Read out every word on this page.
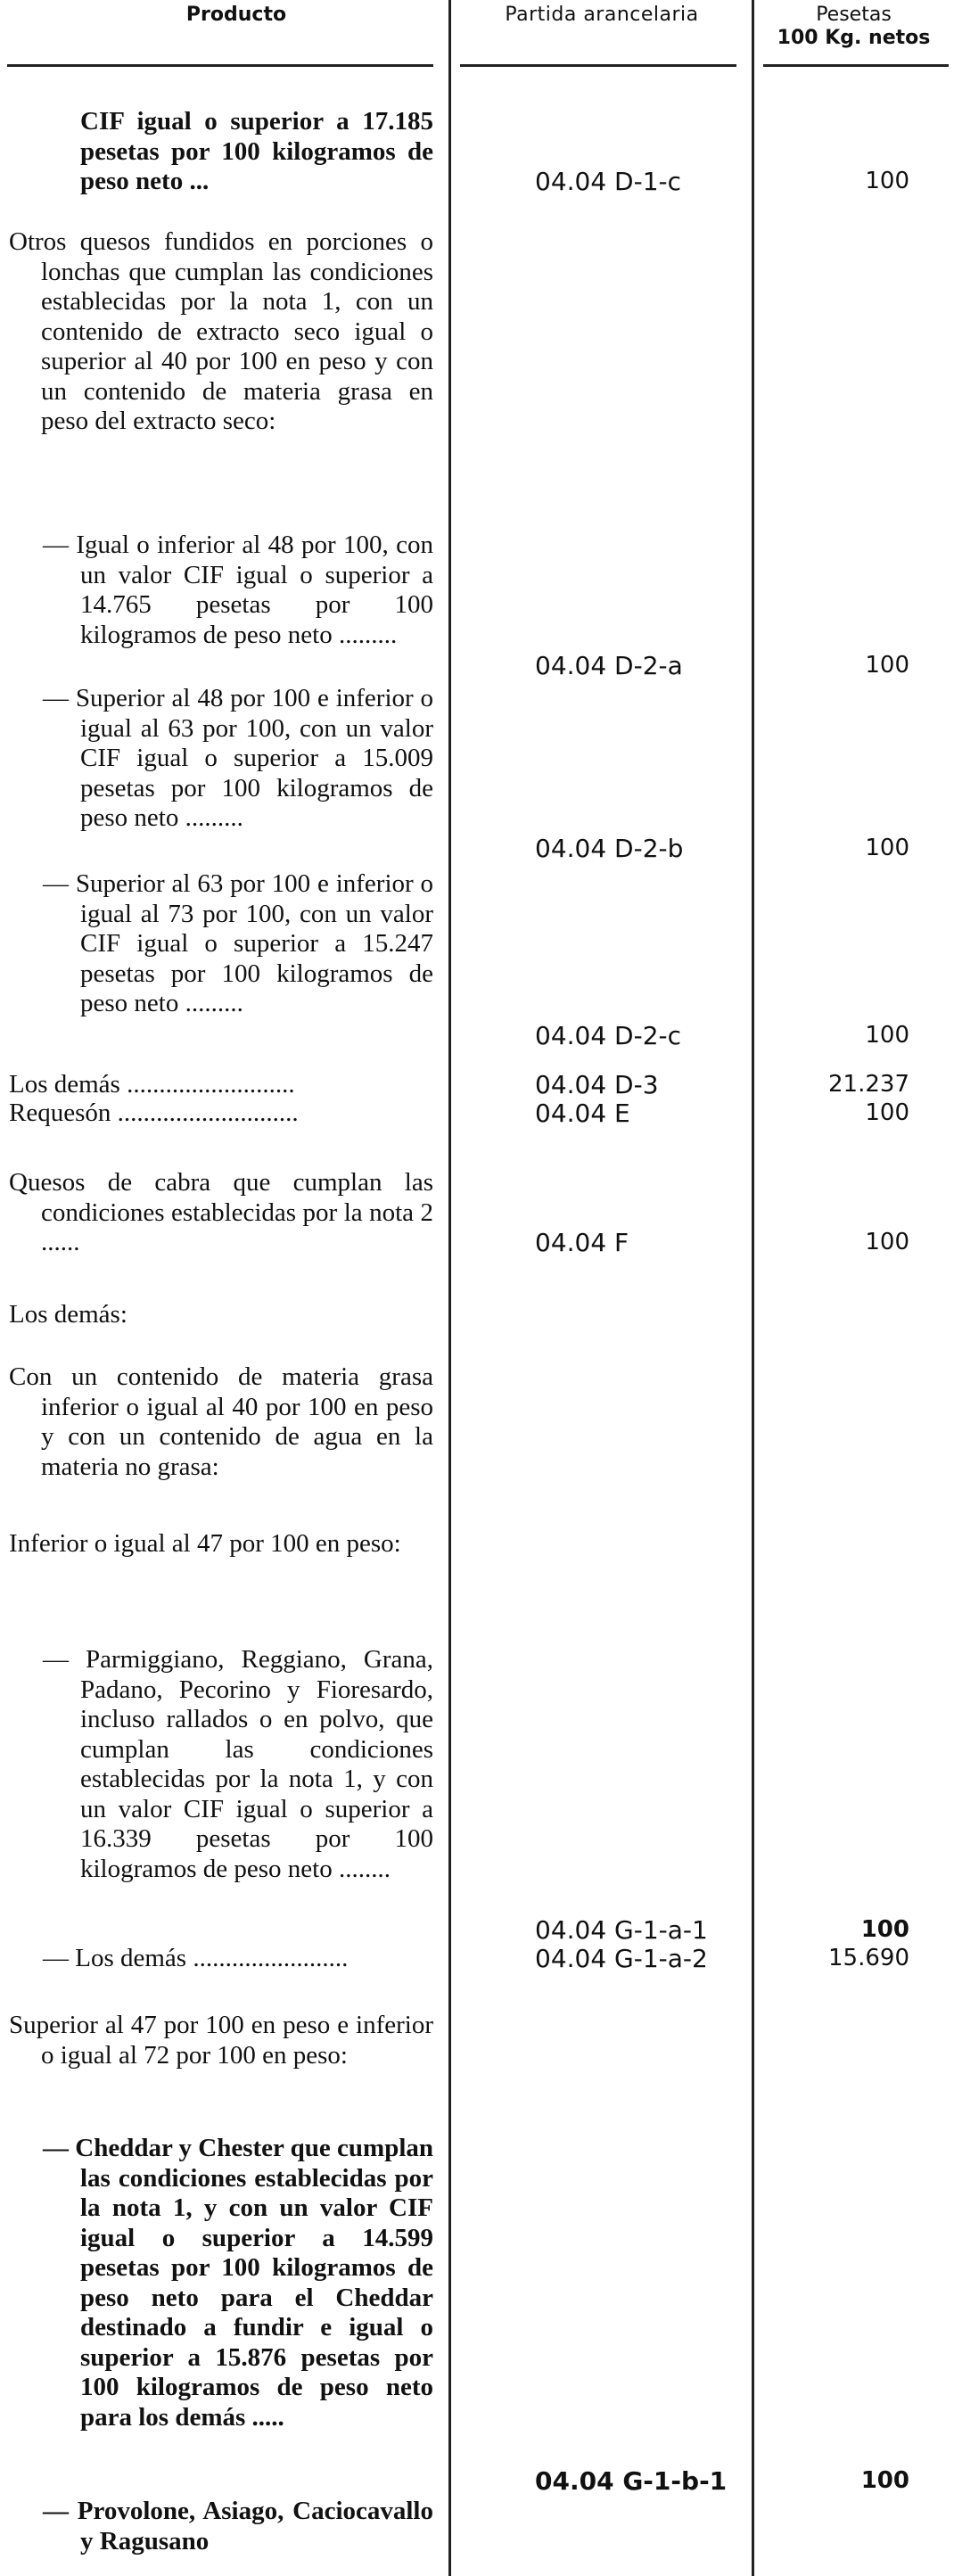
Producto	Partida arancelaria	Pesetas
100 Kg. netos
CIF igual o superior a 17.185 pesetas por 100 kilogramos de peso neto ...	04.04 D-1-c	100
Otros quesos fundidos en porciones o lonchas que cumplan las condiciones establecidas por la nota 1, con un contenido de extracto seco igual o superior al 40 por 100 en peso y con un contenido de materia grasa en peso del extracto seco:
— Igual o inferior al 48 por 100, con un valor CIF igual o superior a 14.765 pesetas por 100 kilogramos de peso neto .........
04.04 D-2-a	100
— Superior al 48 por 100 e inferior o igual al 63 por 100, con un valor CIF igual o superior a 15.009 pesetas por 100 kilogramos de peso neto .........
04.04 D-2-b	100
— Superior al 63 por 100 e inferior o igual al 73 por 100, con un valor CIF igual o superior a 15.247 pesetas por 100 kilogramos de peso neto .........
04.04 D-2-c	100
Los demás ..........................	04.04 D-3	21.237
Requesón ............................	04.04 E	100
Quesos de cabra que cumplan las condiciones establecidas por la nota 2 ......	04.04 F	100
Los demás:
Con un contenido de materia grasa inferior o igual al 40 por 100 en peso y con un contenido de agua en la materia no grasa:
Inferior o igual al 47 por 100 en peso:
— Parmiggiano, Reggiano, Grana, Padano, Pecorino y Fioresardo, incluso rallados o en polvo, que cumplan las condiciones establecidas por la nota 1, y con un valor CIF igual o superior a 16.339 pesetas por 100 kilogramos de peso neto ........
04.04 G-1-a-1	100
— Los demás ........................	04.04 G-1-a-2	15.690
Superior al 47 por 100 en peso e inferior o igual al 72 por 100 en peso:
— Cheddar y Chester que cumplan las condiciones establecidas por la nota 1, y con un valor CIF igual o superior a 14.599 pesetas por 100 kilogramos de peso neto para el Cheddar destinado a fundir e igual o superior a 15.876 pesetas por 100 kilogramos de peso neto para los demás .....
04.04 G-1-b-1	100
— Provolone, Asiago, Caciocavallo y Ragusano
